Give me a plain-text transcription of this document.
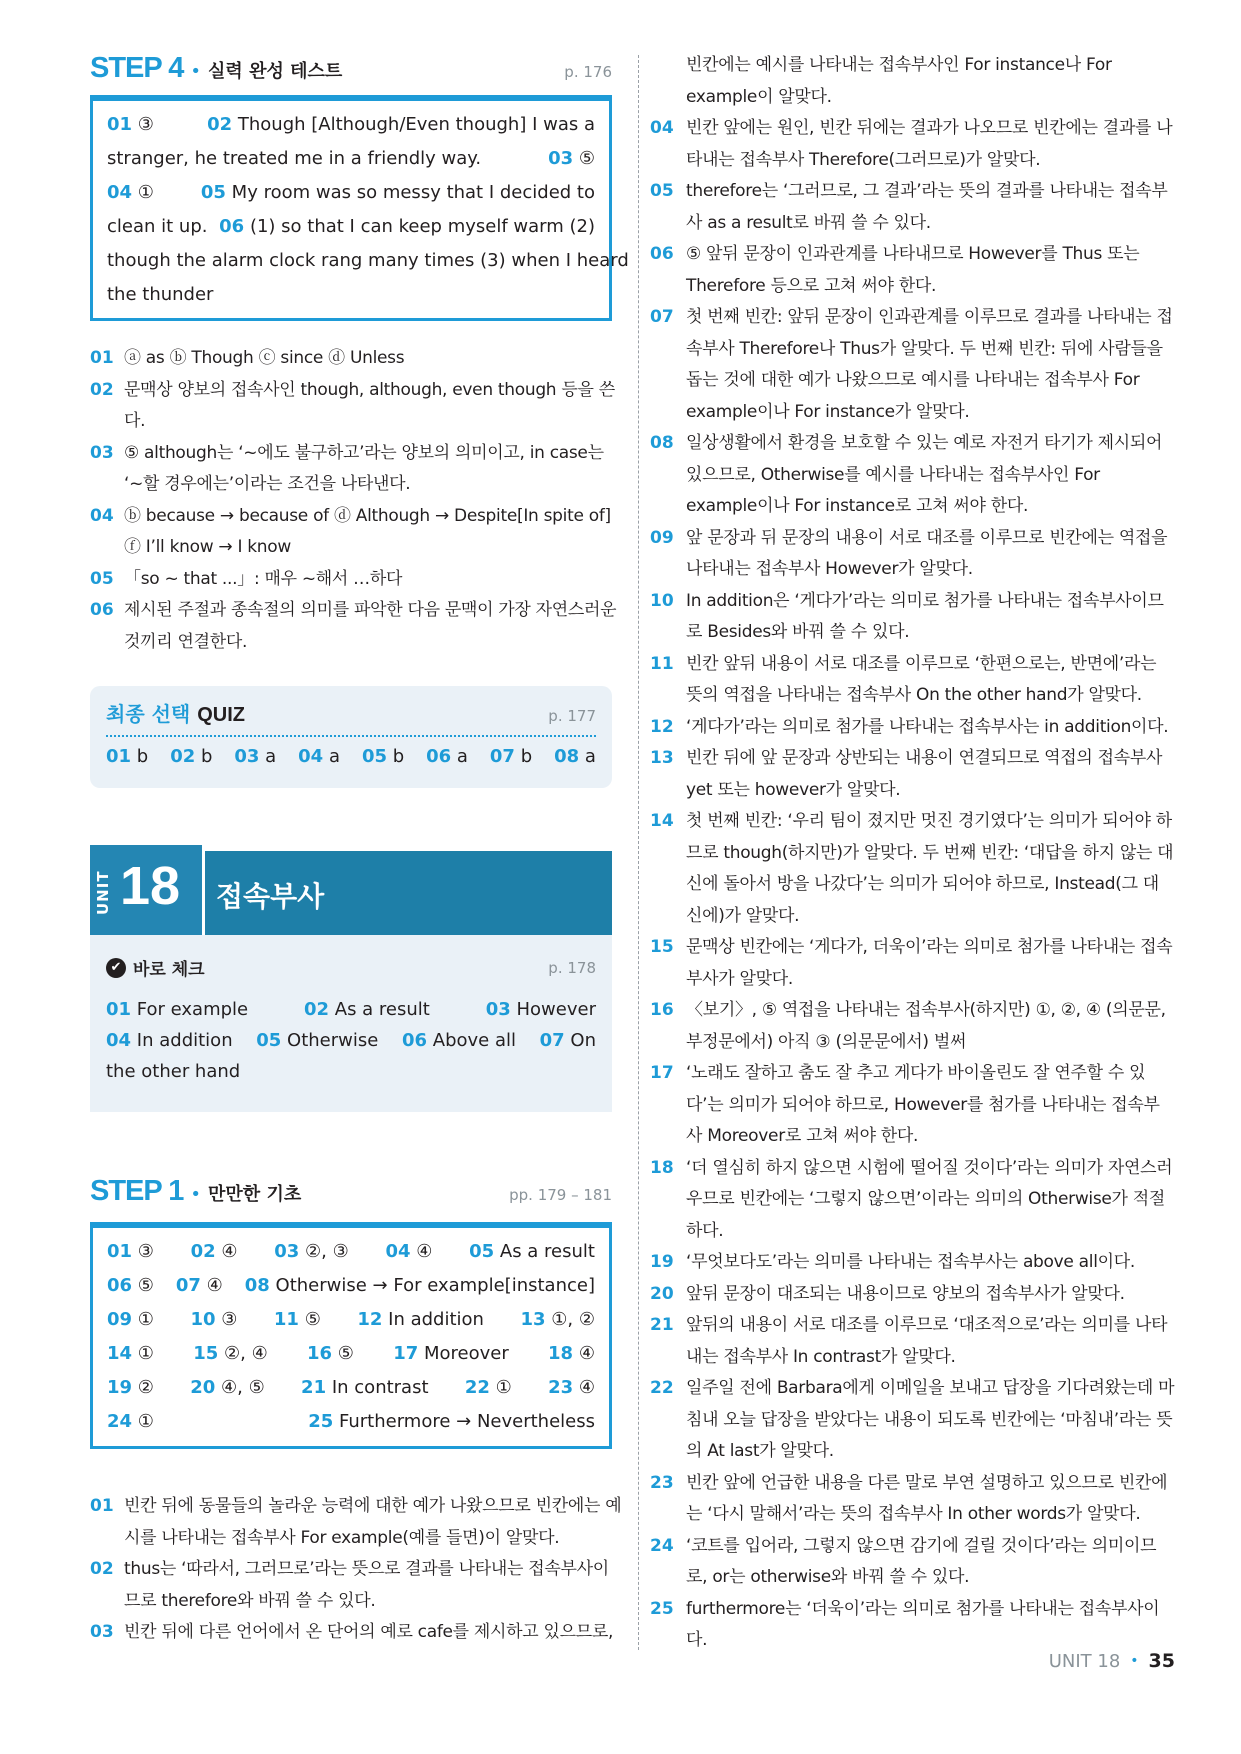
STEP 4 • 실력 완성 테스트	p. 176
01 ③	02 Though [Although/Even though] I was a
stranger, he treated me in a friendly way.	03 ⑤
04 ①	05 My room was so messy that I decided to
clean it up. 06 (1) so that I can keep myself warm (2)
though the alarm clock rang many times (3) when I heard
the thunder
01 ⓐ as ⓑ Though ⓒ since ⓓ Unless
02 문맥상 양보의 접속사인 though, although, even though 등을 쓴다.
03 ⑤ although는 ‘~에도 불구하고’라는 양보의 의미이고, in case는 ‘~할 경우에는’이라는 조건을 나타낸다.
04 ⓑ because → because of ⓓ Although → Despite[In spite of] ⓕ I’ll know → I know
05 「so ~ that ...」: 매우 ~해서 …하다
06 제시된 주절과 종속절의 의미를 파악한 다음 문맥이 가장 자연스러운 것끼리 연결한다.
최종 선택 QUIZ	p. 177
01 b 02 b 03 a 04 a 05 b 06 a 07 b 08 a
UNIT 18 접속부사
✔ 바로 체크	p. 178
01 For example	02 As a result	03 However
04 In addition 05 Otherwise 06 Above all 07 On
the other hand
STEP 1 • 만만한 기초	pp. 179 – 181
01 ③ 02 ④ 03 ②, ③ 04 ④ 05 As a result
06 ⑤ 07 ④ 08 Otherwise → For example[instance]
09 ① 10 ③ 11 ⑤ 12 In addition 13 ①, ②
14 ① 15 ②, ④ 16 ⑤ 17 Moreover 18 ④
19 ② 20 ④, ⑤ 21 In contrast 22 ① 23 ④
24 ①	25 Furthermore → Nevertheless
01 빈칸 뒤에 동물들의 놀라운 능력에 대한 예가 나왔으므로 빈칸에는 예시를 나타내는 접속부사 For example(예를 들면)이 알맞다.
02 thus는 ‘따라서, 그러므로’라는 뜻으로 결과를 나타내는 접속부사이므로 therefore와 바꿔 쓸 수 있다.
03 빈칸 뒤에 다른 언어에서 온 단어의 예로 cafe를 제시하고 있으므로,
빈칸에는 예시를 나타내는 접속부사인 For instance나 For example이 알맞다.
04 빈칸 앞에는 원인, 빈칸 뒤에는 결과가 나오므로 빈칸에는 결과를 나타내는 접속부사 Therefore(그러므로)가 알맞다.
05 therefore는 ‘그러므로, 그 결과’라는 뜻의 결과를 나타내는 접속부사 as a result로 바꿔 쓸 수 있다.
06 ⑤ 앞뒤 문장이 인과관계를 나타내므로 However를 Thus 또는 Therefore 등으로 고쳐 써야 한다.
07 첫 번째 빈칸: 앞뒤 문장이 인과관계를 이루므로 결과를 나타내는 접속부사 Therefore나 Thus가 알맞다. 두 번째 빈칸: 뒤에 사람들을 돕는 것에 대한 예가 나왔으므로 예시를 나타내는 접속부사 For example이나 For instance가 알맞다.
08 일상생활에서 환경을 보호할 수 있는 예로 자전거 타기가 제시되어 있으므로, Otherwise를 예시를 나타내는 접속부사인 For example이나 For instance로 고쳐 써야 한다.
09 앞 문장과 뒤 문장의 내용이 서로 대조를 이루므로 빈칸에는 역접을 나타내는 접속부사 However가 알맞다.
10 In addition은 ‘게다가’라는 의미로 첨가를 나타내는 접속부사이므로 Besides와 바꿔 쓸 수 있다.
11 빈칸 앞뒤 내용이 서로 대조를 이루므로 ‘한편으로는, 반면에’라는 뜻의 역접을 나타내는 접속부사 On the other hand가 알맞다.
12 ‘게다가’라는 의미로 첨가를 나타내는 접속부사는 in addition이다.
13 빈칸 뒤에 앞 문장과 상반되는 내용이 연결되므로 역접의 접속부사 yet 또는 however가 알맞다.
14 첫 번째 빈칸: ‘우리 팀이 졌지만 멋진 경기였다’는 의미가 되어야 하므로 though(하지만)가 알맞다. 두 번째 빈칸: ‘대답을 하지 않는 대신에 돌아서 방을 나갔다’는 의미가 되어야 하므로, Instead(그 대신에)가 알맞다.
15 문맥상 빈칸에는 ‘게다가, 더욱이’라는 의미로 첨가를 나타내는 접속부사가 알맞다.
16 〈보기〉, ⑤ 역접을 나타내는 접속부사(하지만) ①, ②, ④ (의문문, 부정문에서) 아직 ③ (의문문에서) 벌써
17 ‘노래도 잘하고 춤도 잘 추고 게다가 바이올린도 잘 연주할 수 있다’는 의미가 되어야 하므로, However를 첨가를 나타내는 접속부사 Moreover로 고쳐 써야 한다.
18 ‘더 열심히 하지 않으면 시험에 떨어질 것이다’라는 의미가 자연스러우므로 빈칸에는 ‘그렇지 않으면’이라는 의미의 Otherwise가 적절하다.
19 ‘무엇보다도’라는 의미를 나타내는 접속부사는 above all이다.
20 앞뒤 문장이 대조되는 내용이므로 양보의 접속부사가 알맞다.
21 앞뒤의 내용이 서로 대조를 이루므로 ‘대조적으로’라는 의미를 나타내는 접속부사 In contrast가 알맞다.
22 일주일 전에 Barbara에게 이메일을 보내고 답장을 기다려왔는데 마침내 오늘 답장을 받았다는 내용이 되도록 빈칸에는 ‘마침내’라는 뜻의 At last가 알맞다.
23 빈칸 앞에 언급한 내용을 다른 말로 부연 설명하고 있으므로 빈칸에는 ‘다시 말해서’라는 뜻의 접속부사 In other words가 알맞다.
24 ‘코트를 입어라, 그렇지 않으면 감기에 걸릴 것이다’라는 의미이므로, or는 otherwise와 바꿔 쓸 수 있다.
25 furthermore는 ‘더욱이’라는 의미로 첨가를 나타내는 접속부사이다.
UNIT 18 • 35
